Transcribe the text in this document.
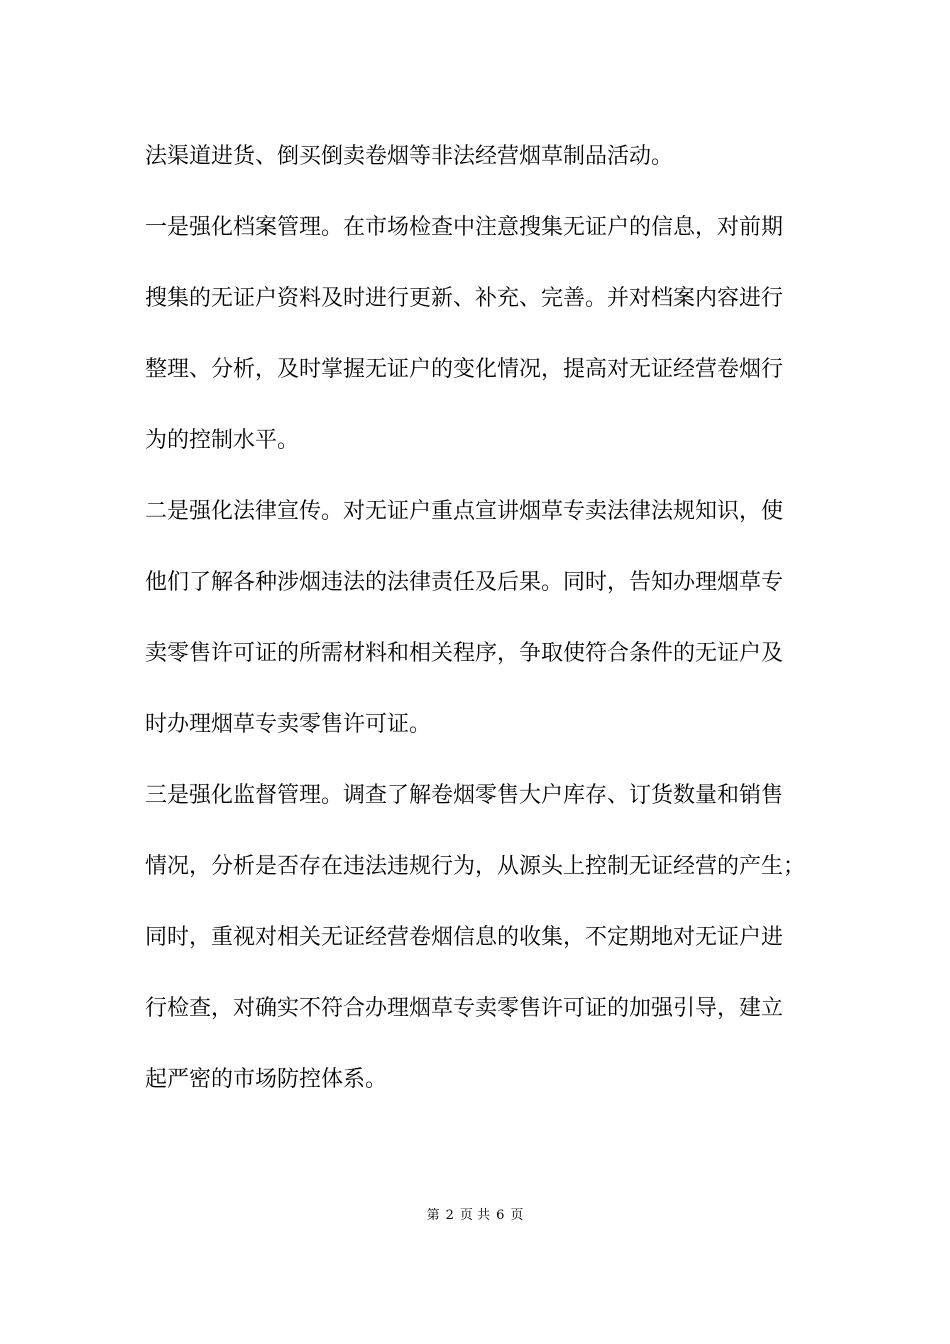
法渠道进货、倒买倒卖卷烟等非法经营烟草制品活动。
一是强化档案管理。在市场检查中注意搜集无证户的信息，对前期
搜集的无证户资料及时进行更新、补充、完善。并对档案内容进行
整理、分析，及时掌握无证户的变化情况，提高对无证经营卷烟行
为的控制水平。
二是强化法律宣传。对无证户重点宣讲烟草专卖法律法规知识，使
他们了解各种涉烟违法的法律责任及后果。同时，告知办理烟草专
卖零售许可证的所需材料和相关程序，争取使符合条件的无证户及
时办理烟草专卖零售许可证。
三是强化监督管理。调查了解卷烟零售大户库存、订货数量和销售
情况，分析是否存在违法违规行为，从源头上控制无证经营的产生；
同时，重视对相关无证经营卷烟信息的收集，不定期地对无证户进
行检查，对确实不符合办理烟草专卖零售许可证的加强引导，建立
起严密的市场防控体系。
第 2 页 共 6 页
